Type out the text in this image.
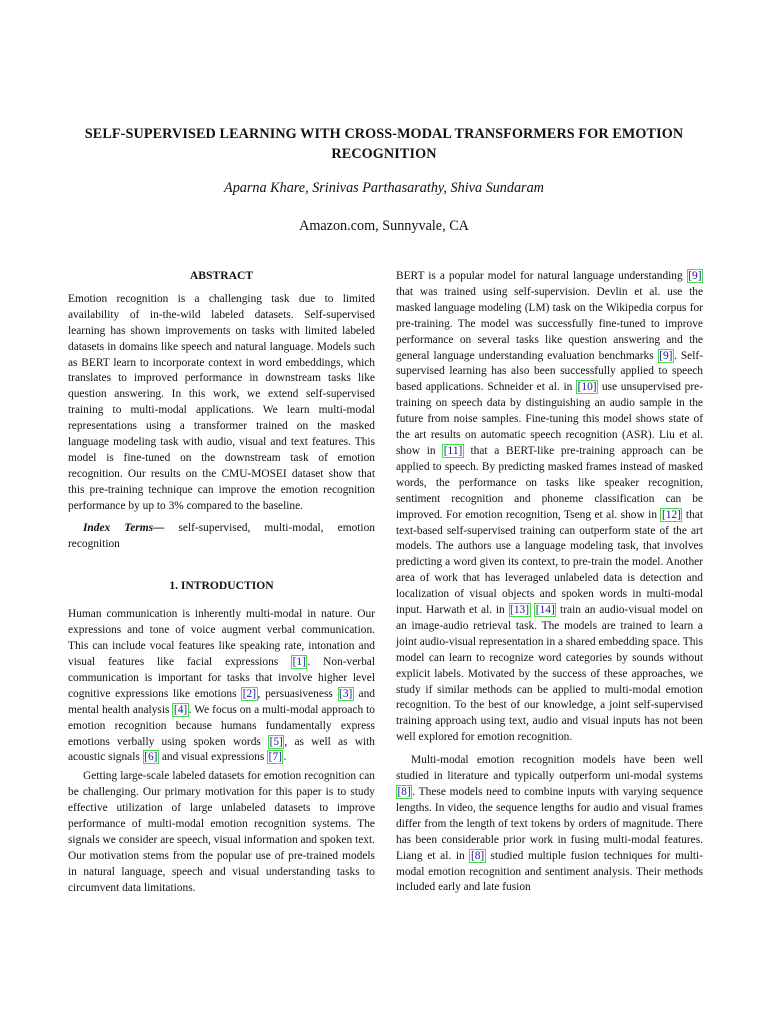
SELF-SUPERVISED LEARNING WITH CROSS-MODAL TRANSFORMERS FOR EMOTION RECOGNITION
Aparna Khare, Srinivas Parthasarathy, Shiva Sundaram
Amazon.com, Sunnyvale, CA
ABSTRACT

Emotion recognition is a challenging task due to limited availability of in-the-wild labeled datasets. Self-supervised learning has shown improvements on tasks with limited labeled datasets in domains like speech and natural language. Models such as BERT learn to incorporate context in word embeddings, which translates to improved performance in downstream tasks like question answering. In this work, we extend self-supervised training to multi-modal applications. We learn multi-modal representations using a transformer trained on the masked language modeling task with audio, visual and text features. This model is fine-tuned on the downstream task of emotion recognition. Our results on the CMU-MOSEI dataset show that this pre-training technique can improve the emotion recognition performance by up to 3% compared to the baseline.

Index Terms— self-supervised, multi-modal, emotion recognition

1. INTRODUCTION

Human communication is inherently multi-modal in nature. Our expressions and tone of voice augment verbal communication. This can include vocal features like speaking rate, intonation and visual features like facial expressions [1] . Non-verbal communication is important for tasks that involve higher level cognitive expressions like emotions [2] , persuasiveness [3] and mental health analysis [4] . We focus on a multi-modal approach to emotion recognition because humans fundamentally express emotions verbally using spoken words [5] , as well as with acoustic signals [6] and visual expressions [7] .

Getting large-scale labeled datasets for emotion recognition can be challenging. Our primary motivation for this paper is to study effective utilization of large unlabeled datasets to improve performance of multi-modal emotion recognition systems. The signals we consider are speech, visual information and spoken text. Our motivation stems from the popular use of pre-trained models in natural language, speech and visual understanding tasks to circumvent data limitations.

BERT is a popular model for natural language understanding [9] that was trained using self-supervision. Devlin et al. use the masked language modeling (LM) task on the Wikipedia corpus for pre-training. The model was successfully fine-tuned to improve performance on several tasks like question answering and the general language understanding evaluation benchmarks [9] . Self-supervised learning has also been successfully applied to speech based applications. Schneider et al. in [10] use unsupervised pre-training on speech data by distinguishing an audio sample in the future from noise samples. Fine-tuning this model shows state of the art results on automatic speech recognition (ASR). Liu et al. show in [11] that a BERT-like pre-training approach can be applied to speech. By predicting masked frames instead of masked words, the performance on tasks like speaker recognition, sentiment recognition and phoneme classification can be improved. For emotion recognition, Tseng et al. show in [12] that text-based self-supervised training can outperform state of the art models. The authors use a language modeling task, that involves predicting a word given its context, to pre-train the model. Another area of work that has leveraged unlabeled data is detection and localization of visual objects and spoken words in multi-modal input. Harwath et al. in [13] [14] train an audio-visual model on an image-audio retrieval task. The models are trained to learn a joint audio-visual representation in a shared embedding space. This model can learn to recognize word categories by sounds without explicit labels. Motivated by the success of these approaches, we study if similar methods can be applied to multi-modal emotion recognition. To the best of our knowledge, a joint self-supervised training approach using text, audio and visual inputs has not been well explored for emotion recognition.

Multi-modal emotion recognition models have been well studied in literature and typically outperform uni-modal systems [8] . These models need to combine inputs with varying sequence lengths. In video, the sequence lengths for audio and visual frames differ from the length of text tokens by orders of magnitude. There has been considerable prior work in fusing multi-modal features. Liang et al. in [8] studied multiple fusion techniques for multi-modal emotion recognition and sentiment analysis. Their methods included early and late fusion
